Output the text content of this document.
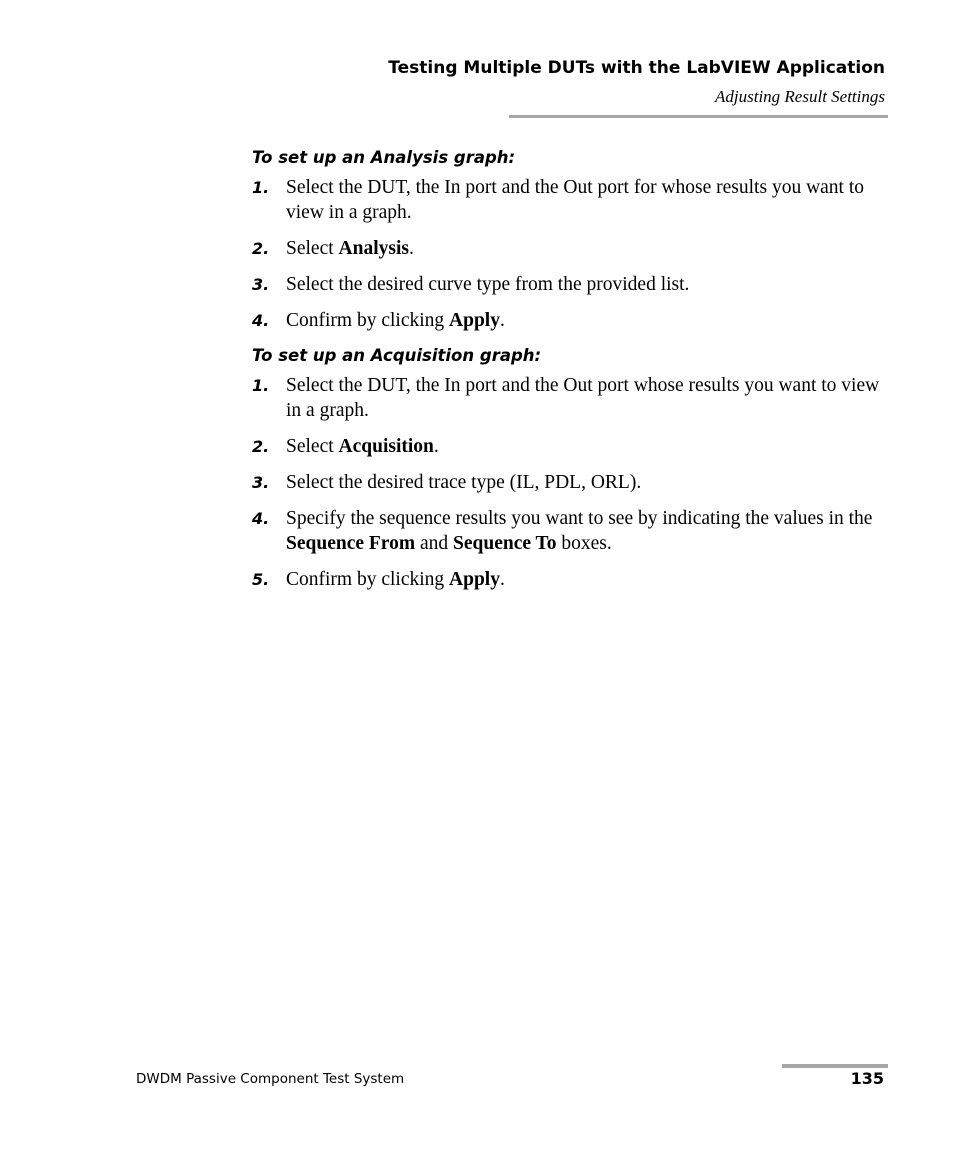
Testing Multiple DUTs with the LabVIEW Application
Adjusting Result Settings

To set up an Analysis graph:

1. Select the DUT, the In port and the Out port for whose results you want to view in a graph.
2. Select Analysis.
3. Select the desired curve type from the provided list.
4. Confirm by clicking Apply.

To set up an Acquisition graph:

1. Select the DUT, the In port and the Out port whose results you want to view in a graph.
2. Select Acquisition.
3. Select the desired trace type (IL, PDL, ORL).
4. Specify the sequence results you want to see by indicating the values in the Sequence From and Sequence To boxes.
5. Confirm by clicking Apply.
DWDM Passive Component Test System	135
